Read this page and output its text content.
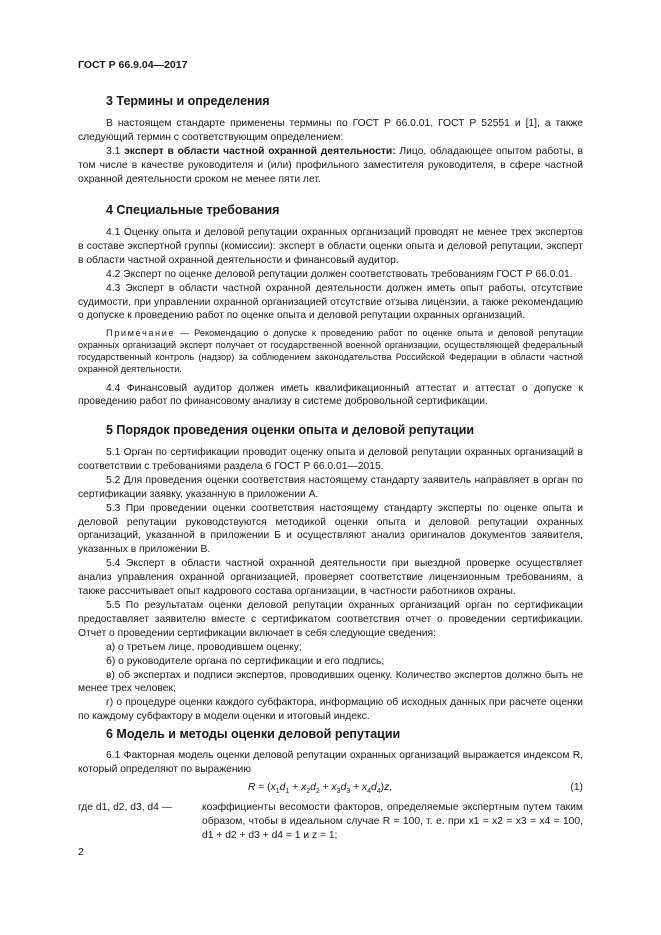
ГОСТ Р 66.9.04—2017
3 Термины и определения

В настоящем стандарте применены термины по ГОСТ Р 66.0.01, ГОСТ Р 52551 и [1], а также следующий термин с соответствующим определением:

3.1 эксперт в области частной охранной деятельности: Лицо, обладающее опытом работы, в том числе в качестве руководителя и (или) профильного заместителя руководителя, в сфере частной охранной деятельности сроком не менее пяти лет.

4 Специальные требования

4.1 Оценку опыта и деловой репутации охранных организаций проводят не менее трех экспертов в составе экспертной группы (комиссии): эксперт в области оценки опыта и деловой репутации, эксперт в области частной охранной деятельности и финансовый аудитор.

4.2 Эксперт по оценке деловой репутации должен соответствовать требованиям ГОСТ Р 66.0.01.

4.3 Эксперт в области частной охранной деятельности должен иметь опыт работы, отсутствие судимости, при управлении охранной организацией отсутствие отзыва лицензии, а также рекомендацию о допуске к проведению работ по оценке опыта и деловой репутации охранных организаций.

Примечание — Рекомендацию о допуске к проведению работ по оценке опыта и деловой репутации охранных организаций эксперт получает от государственной военной организации, осуществляющей федеральный государственный контроль (надзор) за соблюдением законодательства Российской Федерации в области частной охранной деятельности.

4.4 Финансовый аудитор должен иметь квалификационный аттестат и аттестат о допуске к проведению работ по финансовому анализу в системе добровольной сертификации.

5 Порядок проведения оценки опыта и деловой репутации

5.1 Орган по сертификации проводит оценку опыта и деловой репутации охранных организаций в соответствии с требованиями раздела 6 ГОСТ Р 66.0.01—2015.

5.2 Для проведения оценки соответствия настоящему стандарту заявитель направляет в орган по сертификации заявку, указанную в приложении А.

5.3 При проведении оценки соответствия настоящему стандарту эксперты по оценке опыта и деловой репутации руководствуются методикой оценки опыта и деловой репутации охранных организаций, указанной в приложении Б и осуществляют анализ оригиналов документов заявителя, указанных в приложении В.

5.4 Эксперт в области частной охранной деятельности при выездной проверке осуществляет анализ управления охранной организацией, проверяет соответствие лицензионным требованиям, а также рассчитывает опыт кадрового состава организации, в частности работников охраны.

5.5 По результатам оценки деловой репутации охранных организаций орган по сертификации предоставляет заявителю вместе с сертификатом соответствия отчет о проведении сертификации. Отчет о проведении сертификации включает в себя следующие сведения:

а) о третьем лице, проводившем оценку;

б) о руководителе органа по сертификации и его подпись;

в) об экспертах и подписи экспертов, проводивших оценку. Количество экспертов должно быть не менее трех человек;

г) о процедуре оценки каждого субфактора, информацию об исходных данных при расчете оценки по каждому субфактору в модели оценки и итоговый индекс.

6 Модель и методы оценки деловой репутации

6.1 Факторная модель оценки деловой репутации охранных организаций выражается индексом R, который определяют по выражению

$R = (x_1d_1 + x_2d_2 + x_3d_3 + x_4d_4)z$,	(1)
где d1, d2, d3, d4 —	коэффициенты весомости факторов, определяемые экспертным путем таким образом, чтобы в идеальном случае R = 100, т. е. при x1 = x2 = x3 = x4 = 100, d1 + d2 + d3 + d4 = 1 и z = 1;
2
